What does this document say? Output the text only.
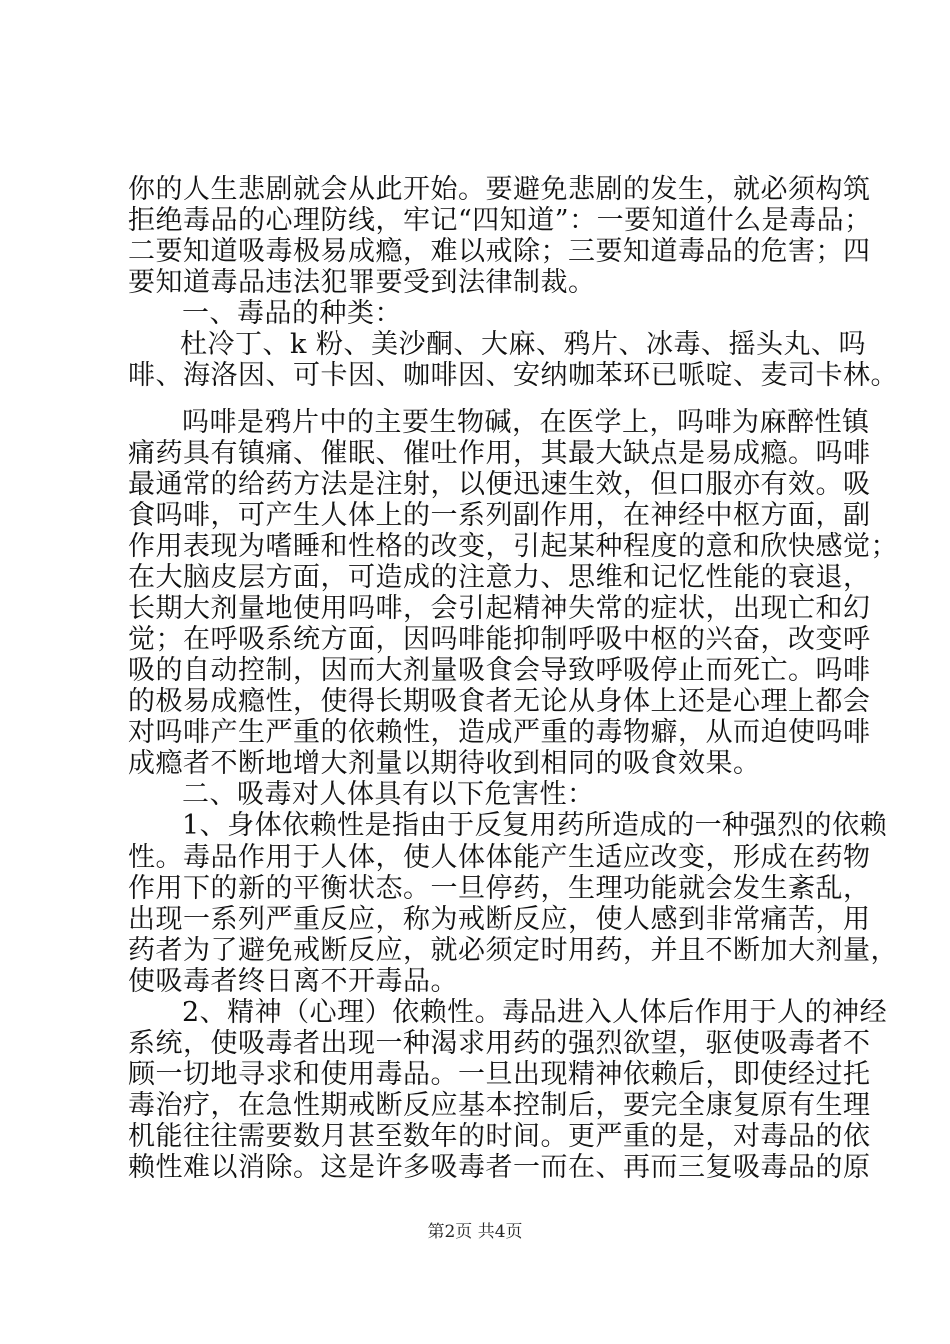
你的人生悲剧就会从此开始。要避免悲剧的发生，就必须构筑
拒绝毒品的心理防线，牢记“四知道”：一要知道什么是毒品；
二要知道吸毒极易成瘾，难以戒除；三要知道毒品的危害；四
要知道毒品违法犯罪要受到法律制裁。
一、毒品的种类：
杜冷丁、k 粉、美沙酮、大麻、鸦片、冰毒、摇头丸、吗
啡、海洛因、可卡因、咖啡因、安纳咖苯环已哌啶、麦司卡林。
吗啡是鸦片中的主要生物碱，在医学上，吗啡为麻醉性镇
痛药具有镇痛、催眠、催吐作用，其最大缺点是易成瘾。吗啡
最通常的给药方法是注射，以便迅速生效，但口服亦有效。吸
食吗啡，可产生人体上的一系列副作用，在神经中枢方面，副
作用表现为嗜睡和性格的改变，引起某种程度的意和欣快感觉；
在大脑皮层方面，可造成的注意力、思维和记忆性能的衰退，
长期大剂量地使用吗啡，会引起精神失常的症状，出现亡和幻
觉；在呼吸系统方面，因吗啡能抑制呼吸中枢的兴奋，改变呼
吸的自动控制，因而大剂量吸食会导致呼吸停止而死亡。吗啡
的极易成瘾性，使得长期吸食者无论从身体上还是心理上都会
对吗啡产生严重的依赖性，造成严重的毒物癖，从而迫使吗啡
成瘾者不断地增大剂量以期待收到相同的吸食效果。
二、吸毒对人体具有以下危害性：
1、身体依赖性是指由于反复用药所造成的一种强烈的依赖
性。毒品作用于人体，使人体体能产生适应改变，形成在药物
作用下的新的平衡状态。一旦停药，生理功能就会发生紊乱，
出现一系列严重反应，称为戒断反应，使人感到非常痛苦，用
药者为了避免戒断反应，就必须定时用药，并且不断加大剂量，
使吸毒者终日离不开毒品。
2、精神（心理）依赖性。毒品进入人体后作用于人的神经
系统，使吸毒者出现一种渴求用药的强烈欲望，驱使吸毒者不
顾一切地寻求和使用毒品。一旦出现精神依赖后，即使经过托
毒治疗，在急性期戒断反应基本控制后，要完全康复原有生理
机能往往需要数月甚至数年的时间。更严重的是，对毒品的依
赖性难以消除。这是许多吸毒者一而在、再而三复吸毒品的原
第2页 共4页
